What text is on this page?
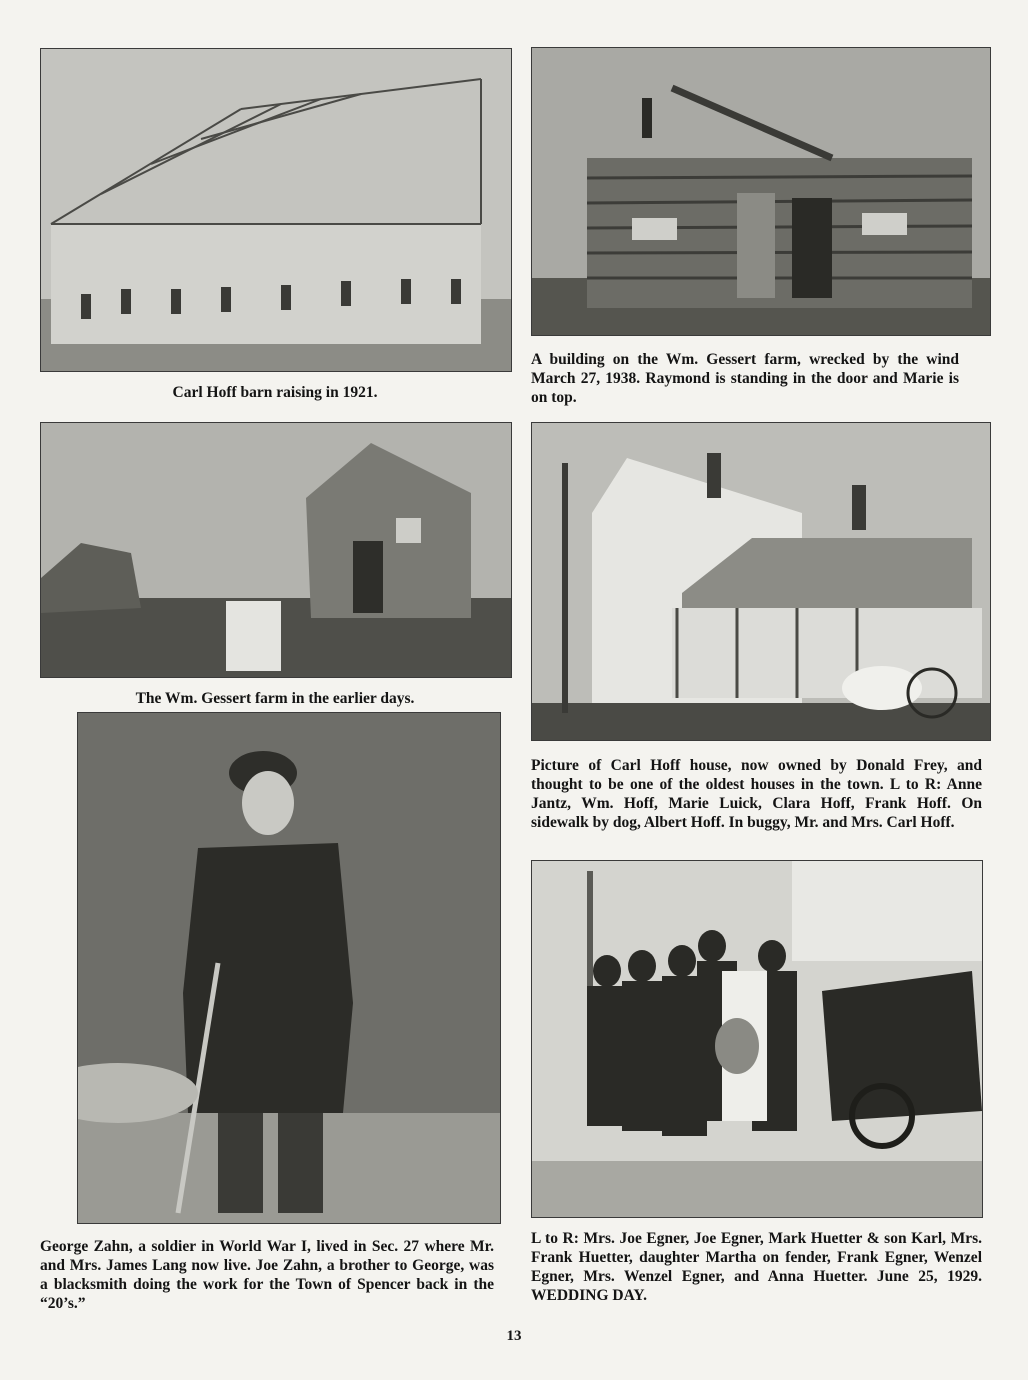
Carl Hoff barn raising in 1921.

A building on the Wm. Gessert farm, wrecked by the wind March 27, 1938. Raymond is standing in the door and Marie is on top.

The Wm. Gessert farm in the earlier days.

Picture of Carl Hoff house, now owned by Donald Frey, and thought to be one of the oldest houses in the town. L to R: Anne Jantz, Wm. Hoff, Marie Luick, Clara Hoff, Frank Hoff. On sidewalk by dog, Albert Hoff. In buggy, Mr. and Mrs. Carl Hoff.

George Zahn, a soldier in World War I, lived in Sec. 27 where Mr. and Mrs. James Lang now live. Joe Zahn, a brother to George, was a blacksmith doing the work for the Town of Spencer back in the “20’s.”

L to R: Mrs. Joe Egner, Joe Egner, Mark Huetter & son Karl, Mrs. Frank Huetter, daughter Martha on fender, Frank Egner, Wenzel Egner, Mrs. Wenzel Egner, and Anna Huetter. June 25, 1929. WEDDING DAY.

13
